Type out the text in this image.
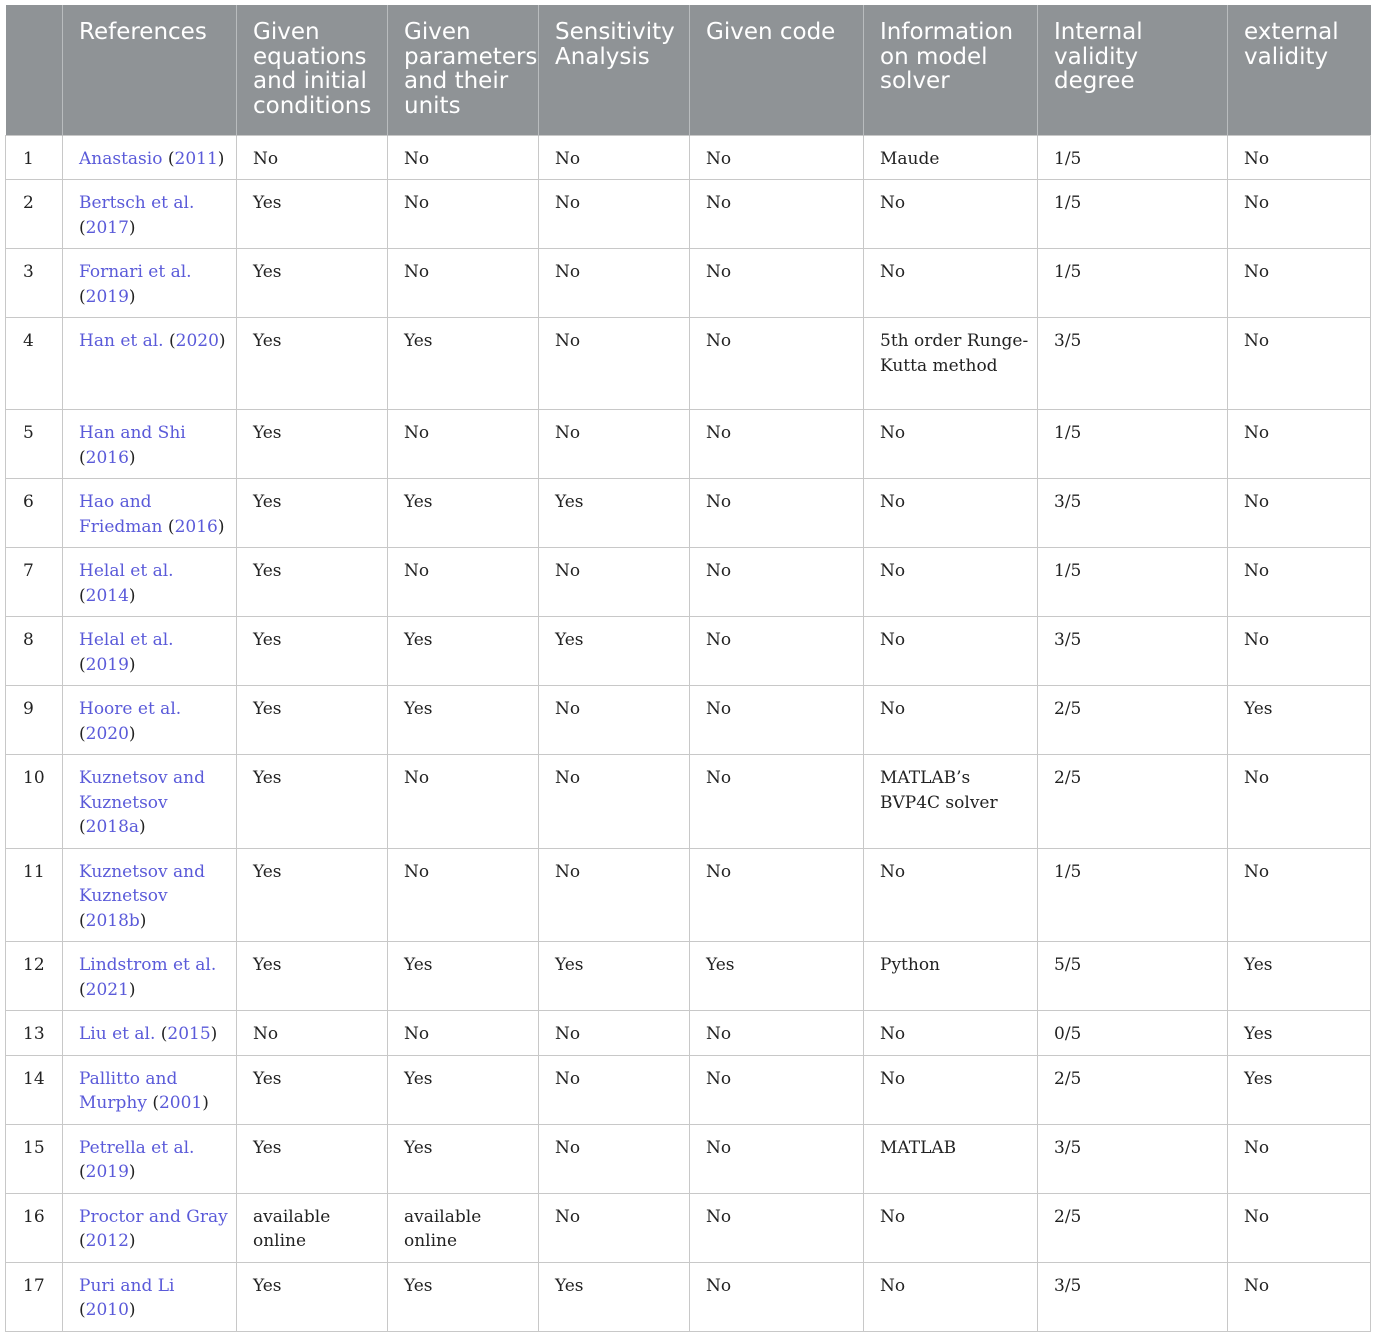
	References	Given equations and initial conditions	Given parameters and their units	Sensitivity Analysis	Given code	Information on model solver	Internal validity degree	external validity
1	Anastasio (2011)	No	No	No	No	Maude	1/5	No
2	Bertsch et al. (2017)	Yes	No	No	No	No	1/5	No
3	Fornari et al. (2019)	Yes	No	No	No	No	1/5	No
4	Han et al. (2020)	Yes	Yes	No	No	5th order Runge-Kutta method	3/5	No
5	Han and Shi (2016)	Yes	No	No	No	No	1/5	No
6	Hao and Friedman (2016)	Yes	Yes	Yes	No	No	3/5	No
7	Helal et al. (2014)	Yes	No	No	No	No	1/5	No
8	Helal et al. (2019)	Yes	Yes	Yes	No	No	3/5	No
9	Hoore et al. (2020)	Yes	Yes	No	No	No	2/5	Yes
10	Kuznetsov and Kuznetsov (2018a)	Yes	No	No	No	MATLAB’s BVP4C solver	2/5	No
11	Kuznetsov and Kuznetsov (2018b)	Yes	No	No	No	No	1/5	No
12	Lindstrom et al. (2021)	Yes	Yes	Yes	Yes	Python	5/5	Yes
13	Liu et al. (2015)	No	No	No	No	No	0/5	Yes
14	Pallitto and Murphy (2001)	Yes	Yes	No	No	No	2/5	Yes
15	Petrella et al. (2019)	Yes	Yes	No	No	MATLAB	3/5	No
16	Proctor and Gray (2012)	available online	available online	No	No	No	2/5	No
17	Puri and Li (2010)	Yes	Yes	Yes	No	No	3/5	No
